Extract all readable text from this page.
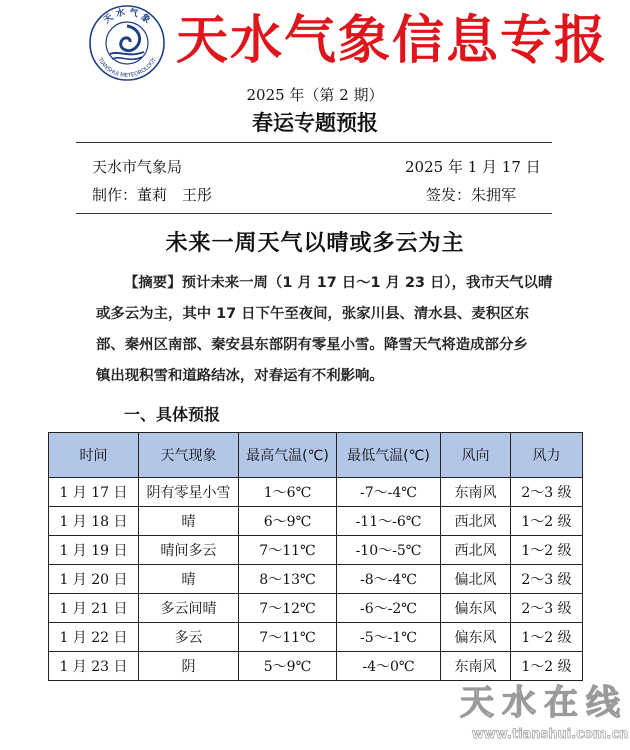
天 水 气 象
TIANSHUI METEOROLOGY 天水气象信息专报
2025 年（第 2 期）
春运专题预报
天水市气象局	2025 年 1 月 17 日
制作：董莉　王彤	签发：朱拥军
未来一周天气以晴或多云为主
【摘要】预计未来一周（1 月 17 日～1 月 23 日），我市天气以晴
或多云为主，其中 17 日下午至夜间，张家川县、清水县、麦积区东
部、秦州区南部、秦安县东部阴有零星小雪。降雪天气将造成部分乡
镇出现积雪和道路结冰，对春运有不利影响。
一、具体预报
时间	天气现象	最高气温(℃)	最低气温(℃)	风向	风力
1 月 17 日	阴有零星小雪	1～6℃	-7～-4℃	东南风	2～3 级
1 月 18 日	晴	6～9℃	-11～-6℃	西北风	1～2 级
1 月 19 日	晴间多云	7～11℃	-10～-5℃	西北风	1～2 级
1 月 20 日	晴	8～13℃	-8～-4℃	偏北风	2～3 级
1 月 21 日	多云间晴	7～12℃	-6～-2℃	偏东风	2～3 级
1 月 22 日	多云	7～11℃	-5～-1℃	偏东风	1～2 级
1 月 23 日	阴	5～9℃	-4～0℃	东南风	1～2 级
天水在线
www.tianshui.com.cn
